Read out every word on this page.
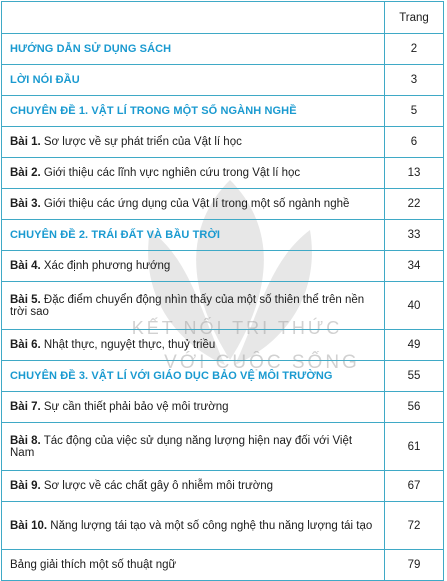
KẾT NỐI TRI THỨC
VỚI CUỘC SỐNG
	Trang
HƯỚNG DẪN SỬ DỤNG SÁCH	2
LỜI NÓI ĐẦU	3
CHUYÊN ĐỀ 1. VẬT LÍ TRONG MỘT SỐ NGÀNH NGHỀ	5
Bài 1. Sơ lược về sự phát triển của Vật lí học	6
Bài 2. Giới thiệu các lĩnh vực nghiên cứu trong Vật lí học	13
Bài 3. Giới thiệu các ứng dụng của Vật lí trong một số ngành nghề	22
CHUYÊN ĐỀ 2. TRÁI ĐẤT VÀ BẦU TRỜI	33
Bài 4. Xác định phương hướng	34
Bài 5. Đặc điểm chuyển động nhìn thấy của một số thiên thể trên nền trời sao	40
Bài 6. Nhật thực, nguyệt thực, thuỷ triều	49
CHUYÊN ĐỀ 3. VẬT LÍ VỚI GIÁO DỤC BẢO VỆ MÔI TRƯỜNG	55
Bài 7. Sự cần thiết phải bảo vệ môi trường	56
Bài 8. Tác động của việc sử dụng năng lượng hiện nay đối với Việt Nam	61
Bài 9. Sơ lược về các chất gây ô nhiễm môi trường	67
Bài 10. Năng lượng tái tạo và một số công nghệ thu năng lượng tái tạo	72
Bảng giải thích một số thuật ngữ	79
